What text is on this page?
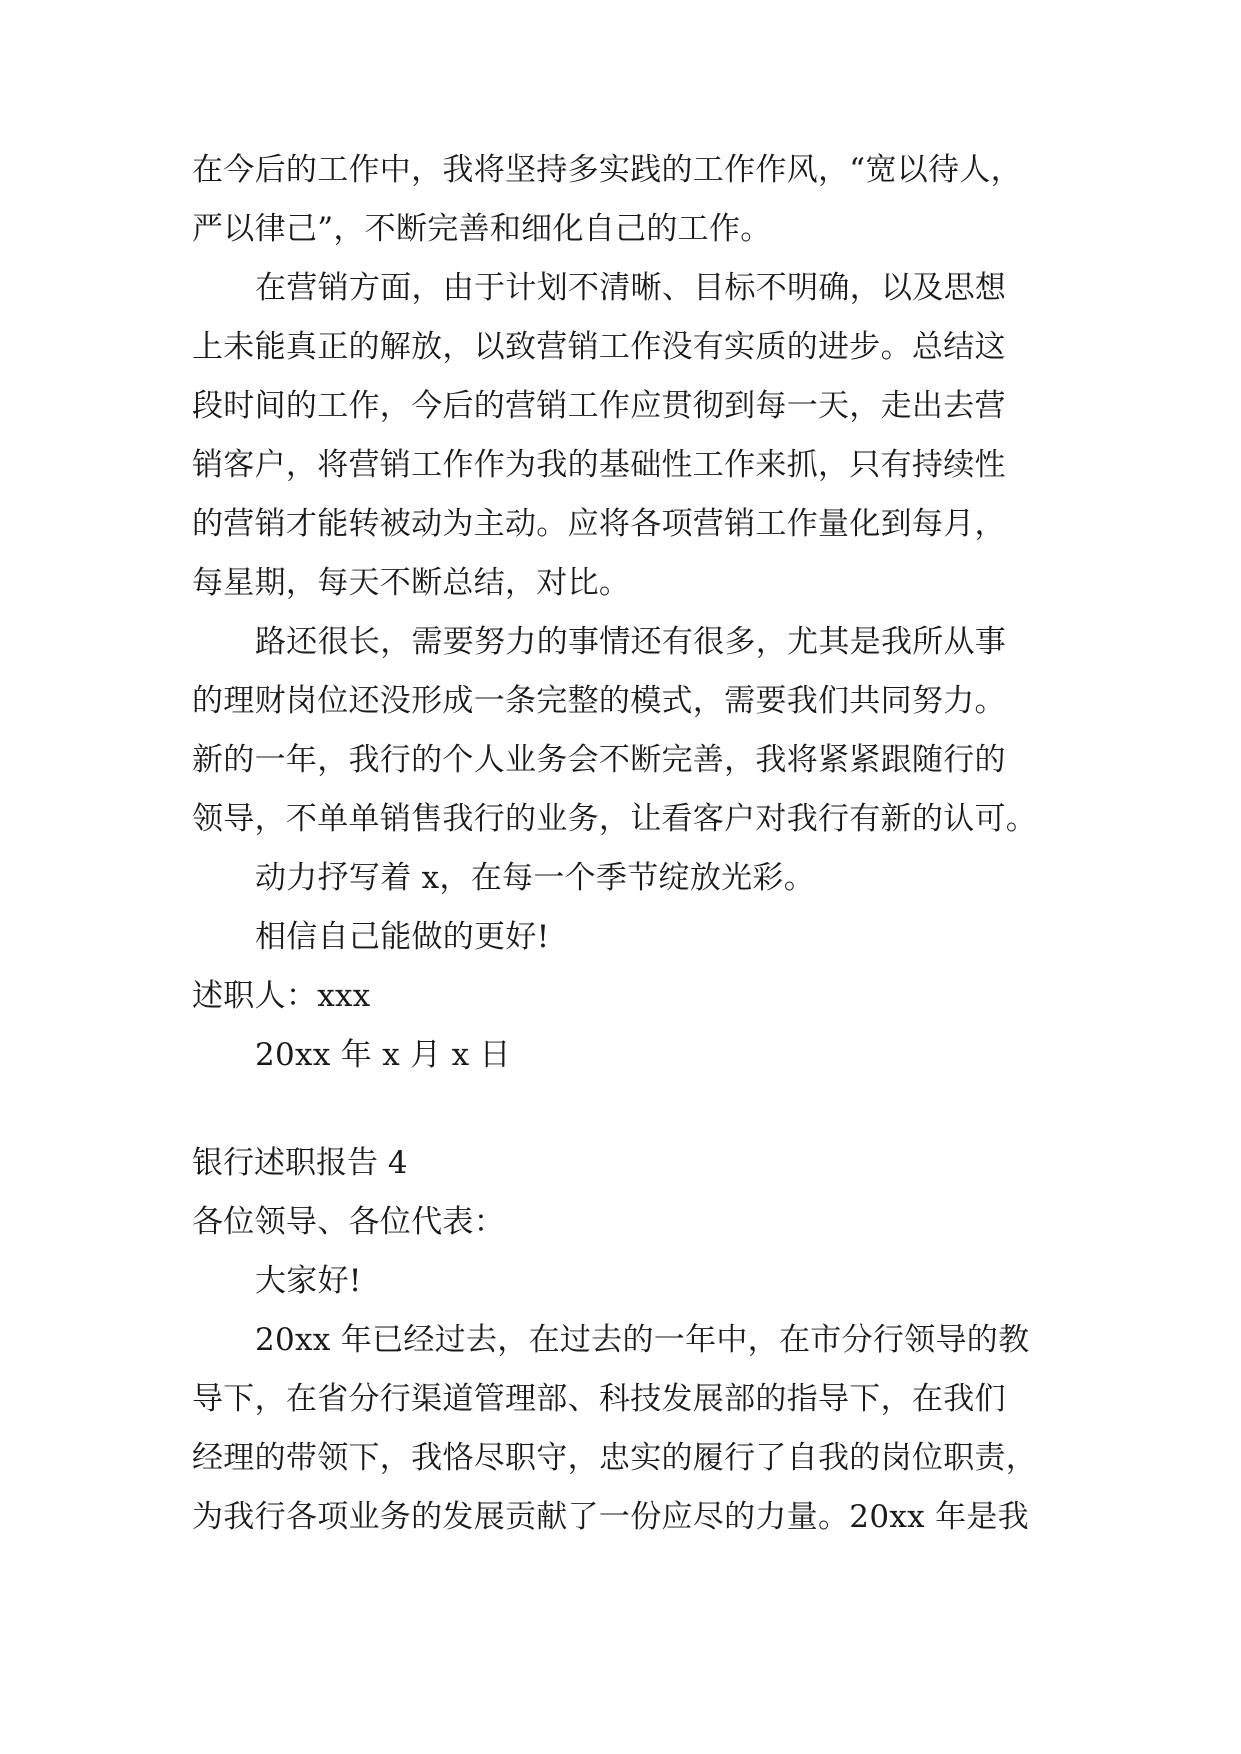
在今后的工作中，我将坚持多实践的工作作风，“宽以待人，
严以律己”，不断完善和细化自己的工作。
在营销方面，由于计划不清晰、目标不明确，以及思想
上未能真正的解放，以致营销工作没有实质的进步。总结这
段时间的工作，今后的营销工作应贯彻到每一天，走出去营
销客户，将营销工作作为我的基础性工作来抓，只有持续性
的营销才能转被动为主动。应将各项营销工作量化到每月，
每星期，每天不断总结，对比。
路还很长，需要努力的事情还有很多，尤其是我所从事
的理财岗位还没形成一条完整的模式，需要我们共同努力。
新的一年，我行的个人业务会不断完善，我将紧紧跟随行的
领导，不单单销售我行的业务，让看客户对我行有新的认可。
动力抒写着 x，在每一个季节绽放光彩。
相信自己能做的更好!
述职人：xxx
20xx 年 x 月 x 日
银行述职报告 4
各位领导、各位代表：
大家好!
20xx 年已经过去，在过去的一年中，在市分行领导的教
导下，在省分行渠道管理部、科技发展部的指导下，在我们
经理的带领下，我恪尽职守，忠实的履行了自我的岗位职责，
为我行各项业务的发展贡献了一份应尽的力量。20xx 年是我
